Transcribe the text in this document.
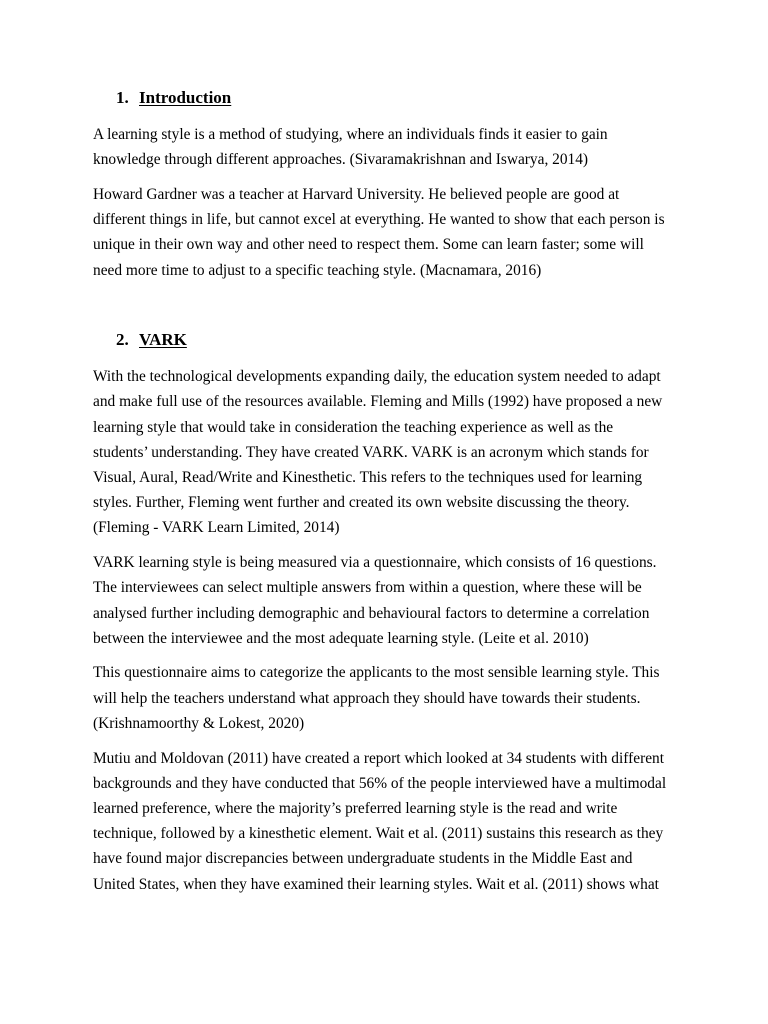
1. Introduction

A learning style is a method of studying, where an individuals finds it easier to gain
knowledge through different approaches. (Sivaramakrishnan and Iswarya, 2014)

Howard Gardner was a teacher at Harvard University. He believed people are good at
different things in life, but cannot excel at everything. He wanted to show that each person is
unique in their own way and other need to respect them. Some can learn faster; some will
need more time to adjust to a specific teaching style. (Macnamara, 2016)

2. VARK

With the technological developments expanding daily, the education system needed to adapt
and make full use of the resources available. Fleming and Mills (1992) have proposed a new
learning style that would take in consideration the teaching experience as well as the
students’ understanding. They have created VARK. VARK is an acronym which stands for
Visual, Aural, Read/Write and Kinesthetic. This refers to the techniques used for learning
styles. Further, Fleming went further and created its own website discussing the theory.
(Fleming - VARK Learn Limited, 2014)

VARK learning style is being measured via a questionnaire, which consists of 16 questions.
The interviewees can select multiple answers from within a question, where these will be
analysed further including demographic and behavioural factors to determine a correlation
between the interviewee and the most adequate learning style. (Leite et al. 2010)

This questionnaire aims to categorize the applicants to the most sensible learning style. This
will help the teachers understand what approach they should have towards their students.
(Krishnamoorthy & Lokest, 2020)

Mutiu and Moldovan (2011) have created a report which looked at 34 students with different
backgrounds and they have conducted that 56% of the people interviewed have a multimodal
learned preference, where the majority’s preferred learning style is the read and write
technique, followed by a kinesthetic element. Wait et al. (2011) sustains this research as they
have found major discrepancies between undergraduate students in the Middle East and
United States, when they have examined their learning styles. Wait et al. (2011) shows what
